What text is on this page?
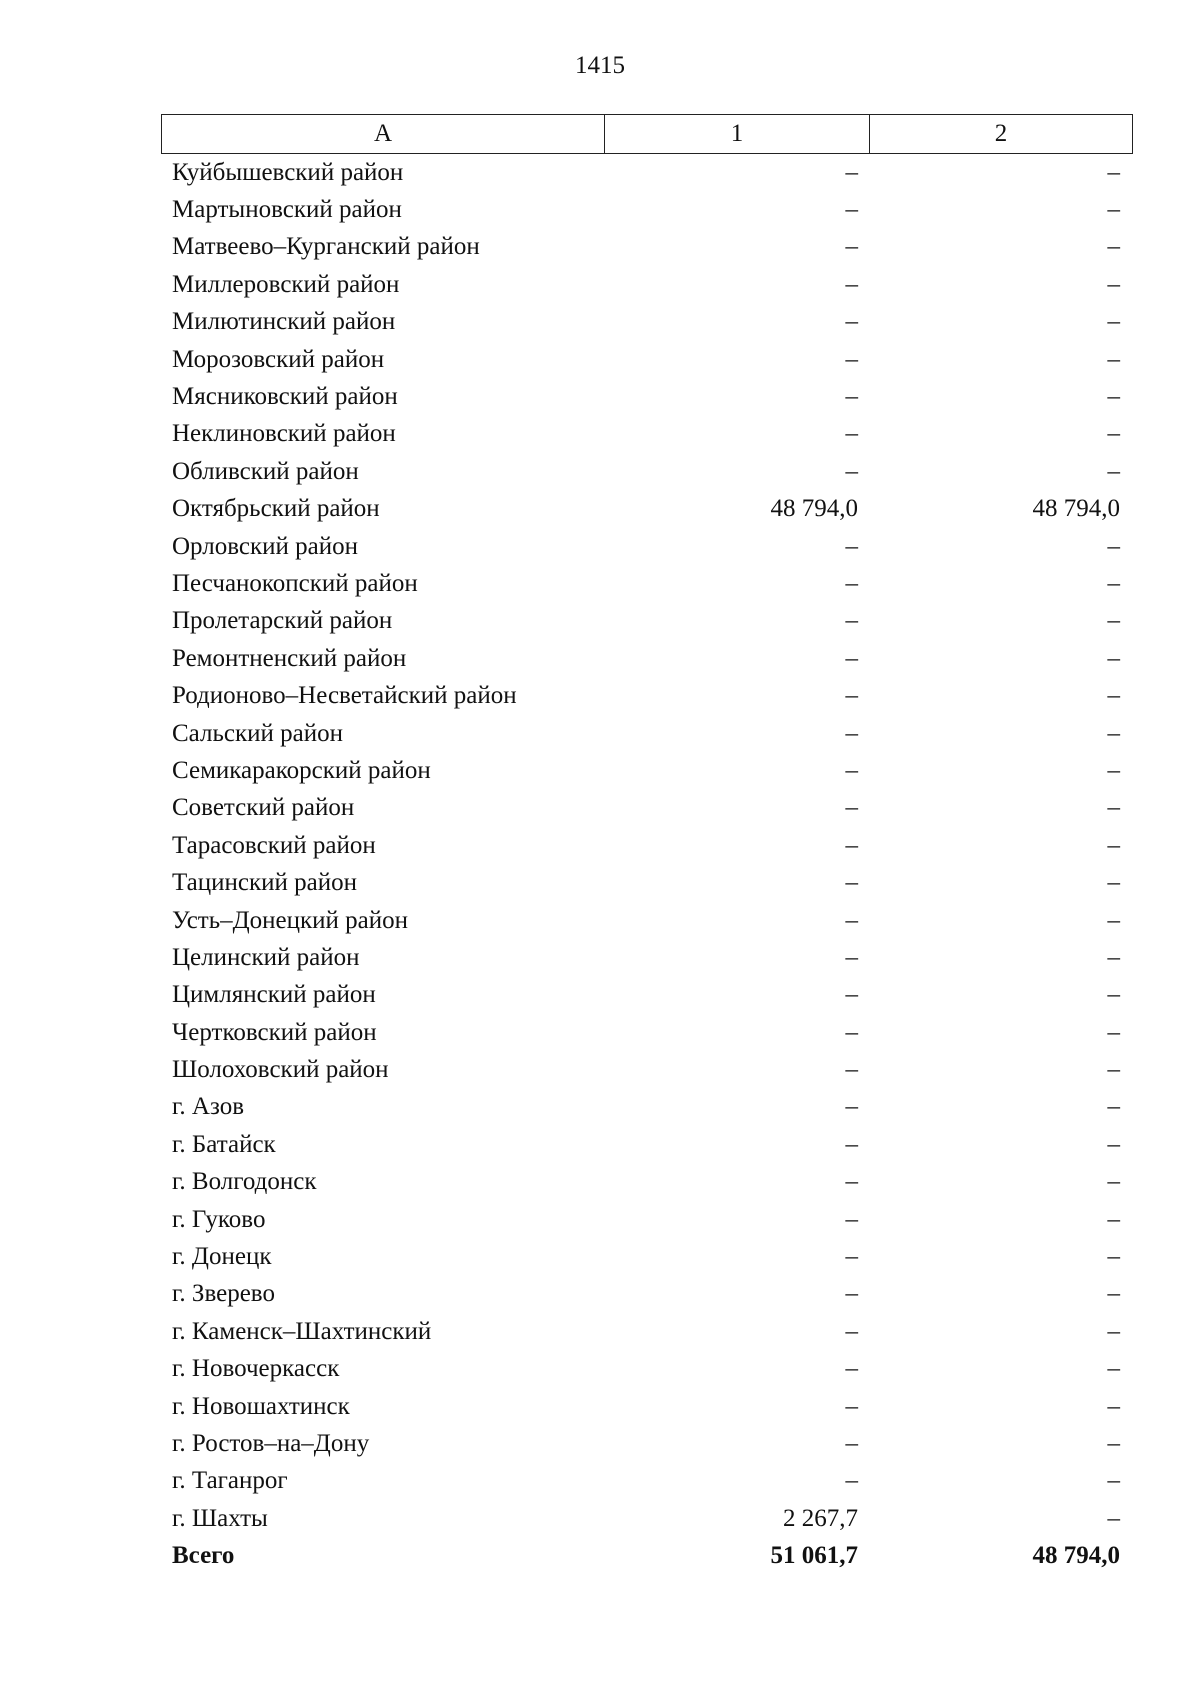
1415
А	1	2
Куйбышевский район	–	–
Мартыновский район	–	–
Матвеево–Курганский район	–	–
Миллеровский район	–	–
Милютинский район	–	–
Морозовский район	–	–
Мясниковский район	–	–
Неклиновский район	–	–
Обливский район	–	–
Октябрьский район	48 794,0	48 794,0
Орловский район	–	–
Песчанокопский район	–	–
Пролетарский район	–	–
Ремонтненский район	–	–
Родионово–Несветайский район	–	–
Сальский район	–	–
Семикаракорский район	–	–
Советский район	–	–
Тарасовский район	–	–
Тацинский район	–	–
Усть–Донецкий район	–	–
Целинский район	–	–
Цимлянский район	–	–
Чертковский район	–	–
Шолоховский район	–	–
г. Азов	–	–
г. Батайск	–	–
г. Волгодонск	–	–
г. Гуково	–	–
г. Донецк	–	–
г. Зверево	–	–
г. Каменск–Шахтинский	–	–
г. Новочеркасск	–	–
г. Новошахтинск	–	–
г. Ростов–на–Дону	–	–
г. Таганрог	–	–
г. Шахты	2 267,7	–
Всего	51 061,7	48 794,0
